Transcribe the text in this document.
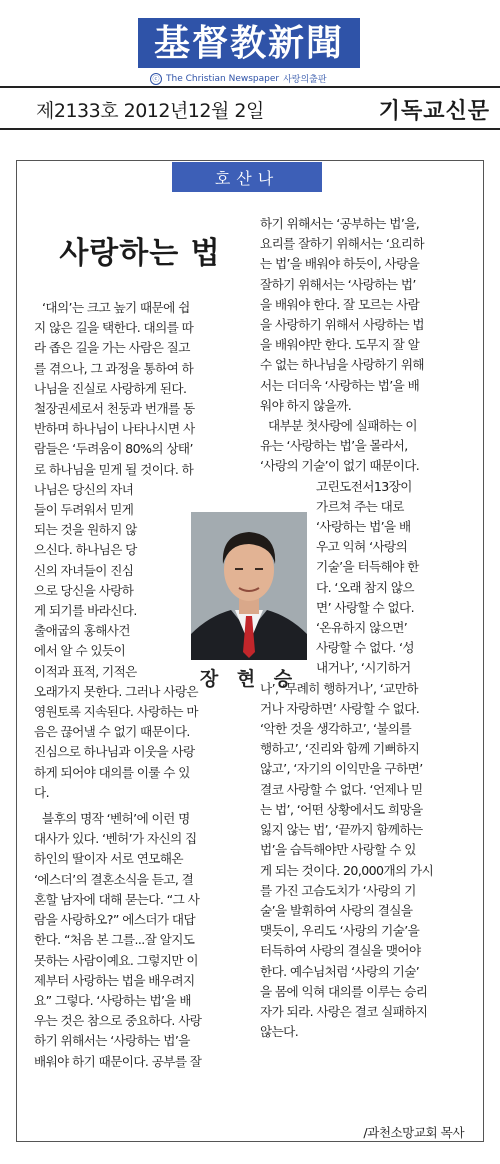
基督教新聞
ⓒ The Christian Newspaper 사랑의출판
제2133호 2012년12월 2일	기독교신문
호산나
사랑하는 법
‘대의’는 크고 높기 때문에 쉽
지 않은 길을 택한다. 대의를 따
라 좁은 길을 가는 사람은 질고
를 겪으나, 그 과정을 통하여 하
나님을 진실로 사랑하게 된다.
철장권세로서 천둥과 번개를 동
반하며 하나님이 나타나시면 사
람들은 ‘두려움이 80%의 상태’
로 하나님을 믿게 될 것이다. 하
나님은 당신의 자녀
들이 두려워서 믿게
되는 것을 원하지 않
으신다. 하나님은 당
신의 자녀들이 진심
으로 당신을 사랑하
게 되기를 바라신다.
출애굽의 홍해사건
에서 알 수 있듯이
이적과 표적, 기적은
오래가지 못한다. 그러나 사랑은
영원토록 지속된다. 사랑하는 마
음은 끊어낼 수 없기 때문이다.
진심으로 하나님과 이웃을 사랑
하게 되어야 대의를 이룰 수 있
다.
블후의 명작 ‘벤허’에 이런 명
대사가 있다. ‘벤허’가 자신의 집
하인의 딸이자 서로 연모해온
‘에스더’의 결혼소식을 듣고, 결
혼할 남자에 대해 묻는다. “그 사
람을 사랑하오?” 에스더가 대답
한다. “처음 본 그를...잘 알지도
못하는 사람이예요. 그렇지만 이
제부터 사랑하는 법을 배우려지
요” 그렇다. ‘사랑하는 법’을 배
우는 것은 참으로 중요하다. 사랑
하기 위해서는 ‘사랑하는 법’을
배워야 하기 때문이다. 공부를 잘
하기 위해서는 ‘공부하는 법’을,
요리를 잘하기 위해서는 ‘요리하
는 법’을 배워야 하듯이, 사랑을
잘하기 위해서는 ‘사랑하는 법’
을 배워야 한다. 잘 모르는 사람
을 사랑하기 위해서 사랑하는 법
을 배워야만 한다. 도무지 잘 알
수 없는 하나님을 사랑하기 위해
서는 더더욱 ‘사랑하는 법’을 배
워야 하지 않을까.
대부분 첫사랑에 실패하는 이
유는 ‘사랑하는 법’을 몰라서,
‘사랑의 기술’이 없기 때문이다.
고린도전서13장이
가르쳐 주는 대로
‘사랑하는 법’을 배
우고 익혀 ‘사랑의
기술’을 터득해야 한
다. ‘오래 참지 않으
면’ 사랑할 수 없다.
‘온유하지 않으면’
사랑할 수 없다. ‘성
내거나’, ‘시기하거
나’, ‘무례히 행하거나’, ‘교만하
거나 자랑하면’ 사랑할 수 없다.
‘악한 것을 생각하고’, ‘불의를
행하고’, ‘진리와 함께 기뻐하지
않고’, ‘자기의 이익만을 구하면’
결코 사랑할 수 없다. ‘언제나 믿
는 법’, ‘어떤 상황에서도 희망을
잃지 않는 법’, ‘끝까지 함께하는
법’을 습득해야만 사랑할 수 있
게 되는 것이다. 20,000개의 가시
를 가진 고슴도치가 ‘사랑의 기
술’을 발휘하여 사랑의 결실을
맺듯이, 우리도 ‘사랑의 기술’을
터득하여 사랑의 결실을 맺어야
한다. 예수님처럼 ‘사랑의 기술’
을 몸에 익혀 대의를 이루는 승리
자가 되라. 사랑은 결코 실패하지
않는다.
장 현 승
/과천소망교회 목사
